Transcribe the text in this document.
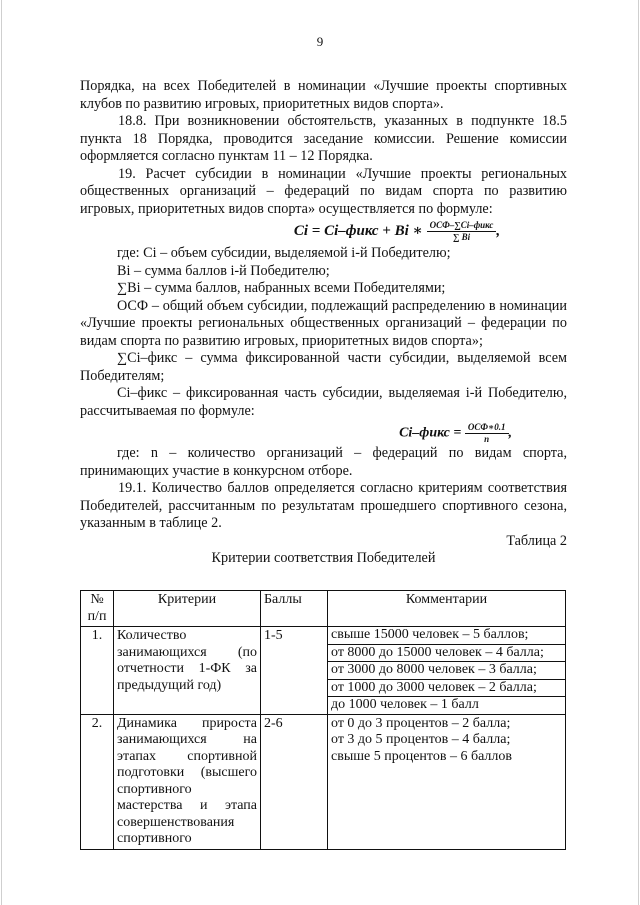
9

Порядка, на всех Победителей в номинации «Лучшие проекты спортивных клубов по развитию игровых, приоритетных видов спорта».

18.8. При возникновении обстоятельств, указанных в подпункте 18.5 пункта 18 Порядка, проводится заседание комиссии. Решение комиссии оформляется согласно пунктам 11 – 12 Порядка.

19. Расчет субсидии в номинации «Лучшие проекты региональных общественных организаций – федераций по видам спорта по развитию игровых, приоритетных видов спорта» осуществляется по формуле:

Ci = Ci–фикс + Bi ∗ $\frac{\text{ОСФ–∑Ci–фикс}}{\sum Bi}$ ,

где: Ci – объем субсидии, выделяемой i-й Победителю;

Bi – сумма баллов i-й Победителю;

∑Bi – сумма баллов, набранных всеми Победителями;

ОСФ – общий объем субсидии, подлежащий распределению в номинации «Лучшие проекты региональных общественных организаций – федерации по видам спорта по развитию игровых, приоритетных видов спорта»;

∑Ci–фикс – сумма фиксированной части субсидии, выделяемой всем Победителям;

Ci–фикс – фиксированная часть субсидии, выделяемая i-й Победителю, рассчитываемая по формуле:

Ci–фикс = $\frac{\text{ОСФ∗0.1}}{n}$ ,

где: n – количество организаций – федераций по видам спорта, принимающих участие в конкурсном отборе.

19.1. Количество баллов определяется согласно критериям соответствия Победителей, рассчитанным по результатам прошедшего спортивного сезона, указанным в таблице 2.

Таблица 2

Критерии соответствия Победителей

№ п/п	Критерии	Баллы	Комментарии
1.	Количество занимающихся (по отчетности 1-ФК за предыдущий год)	1-5	свыше 15000 человек – 5 баллов;
от 8000 до 15000 человек – 4 балла;
от 3000 до 8000 человек – 3 балла;
от 1000 до 3000 человек – 2 балла;
до 1000 человек – 1 балл

2.	Динамика прироста занимающихся на этапах спортивной подготовки (высшего спортивного мастерства и этапа совершенствования спортивного	2-6	от 0 до 3 процентов – 2 балла;
от 3 до 5 процентов – 4 балла;
свыше 5 процентов – 6 баллов
